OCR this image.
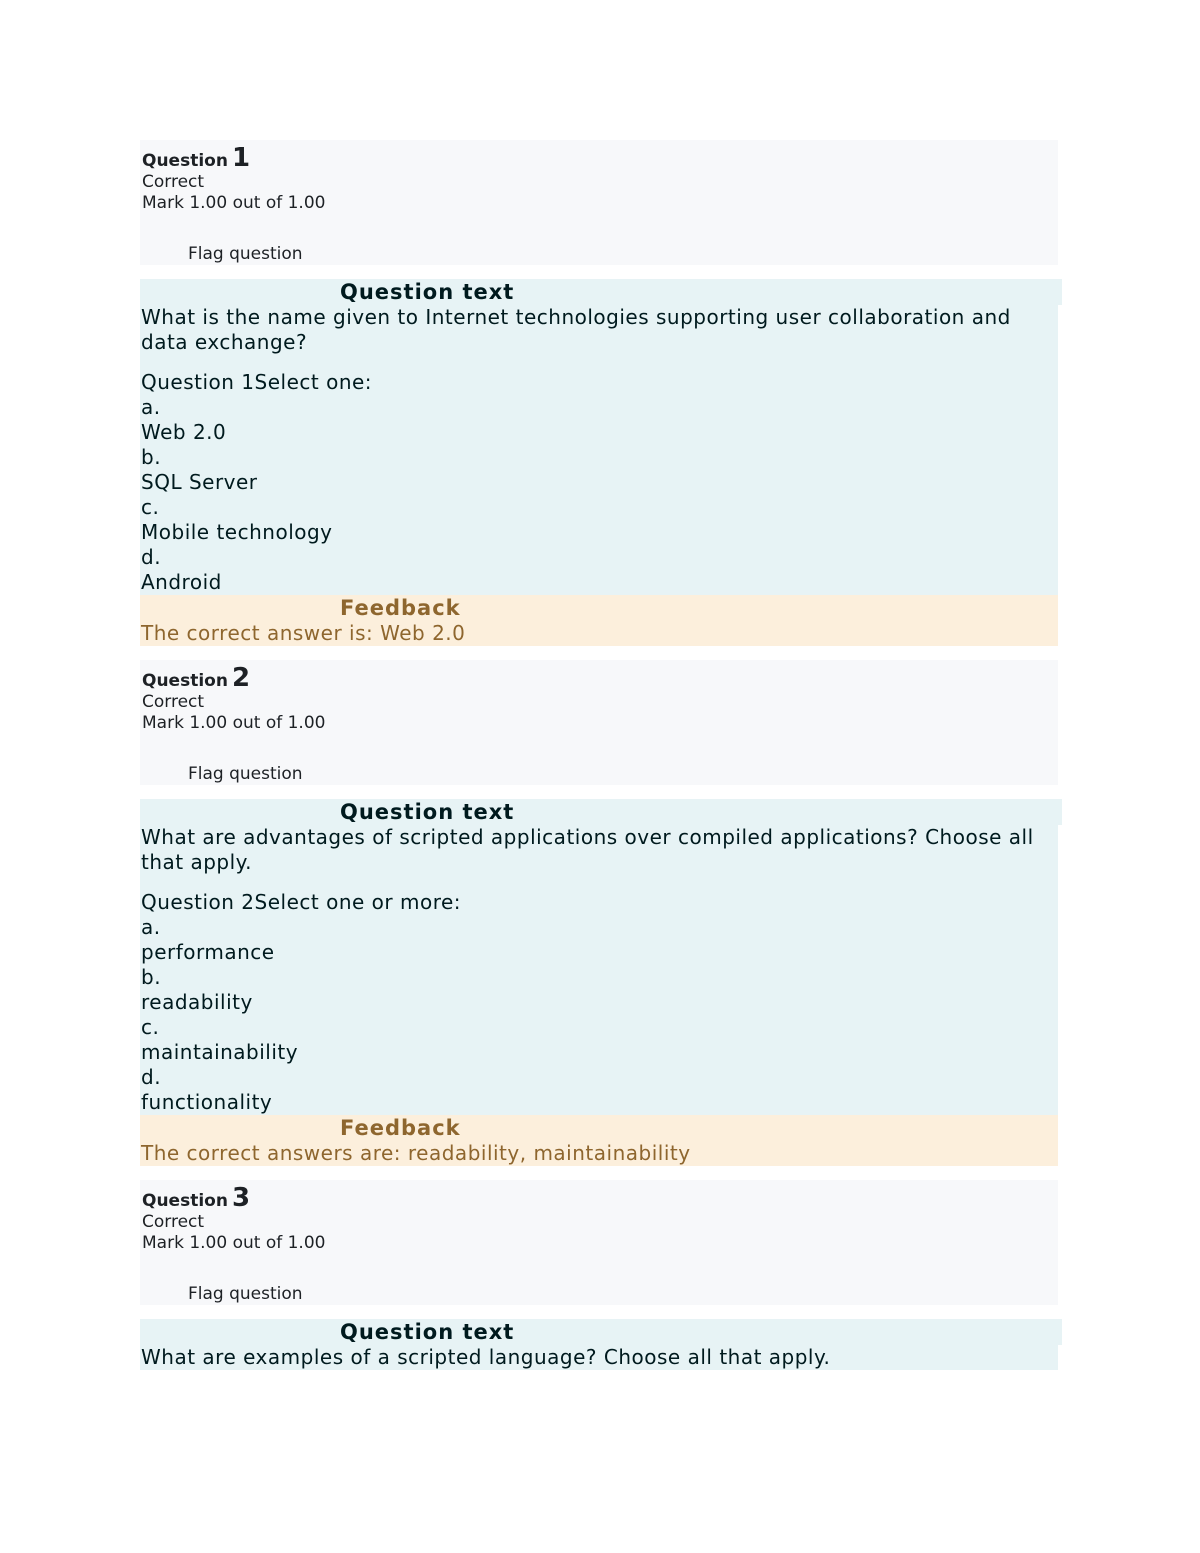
Question 1
Correct
Mark 1.00 out of 1.00
Flag question
Question text
What is the name given to Internet technologies supporting user collaboration and data exchange?
Question 1Select one:
a.
Web 2.0
b.
SQL Server
c.
Mobile technology
d.
Android
Feedback
The correct answer is: Web 2.0
Question 2
Correct
Mark 1.00 out of 1.00
Flag question
Question text
What are advantages of scripted applications over compiled applications? Choose all that apply.
Question 2Select one or more:
a.
performance
b.
readability
c.
maintainability
d.
functionality
Feedback
The correct answers are: readability, maintainability
Question 3
Correct
Mark 1.00 out of 1.00
Flag question
Question text
What are examples of a scripted language? Choose all that apply.
